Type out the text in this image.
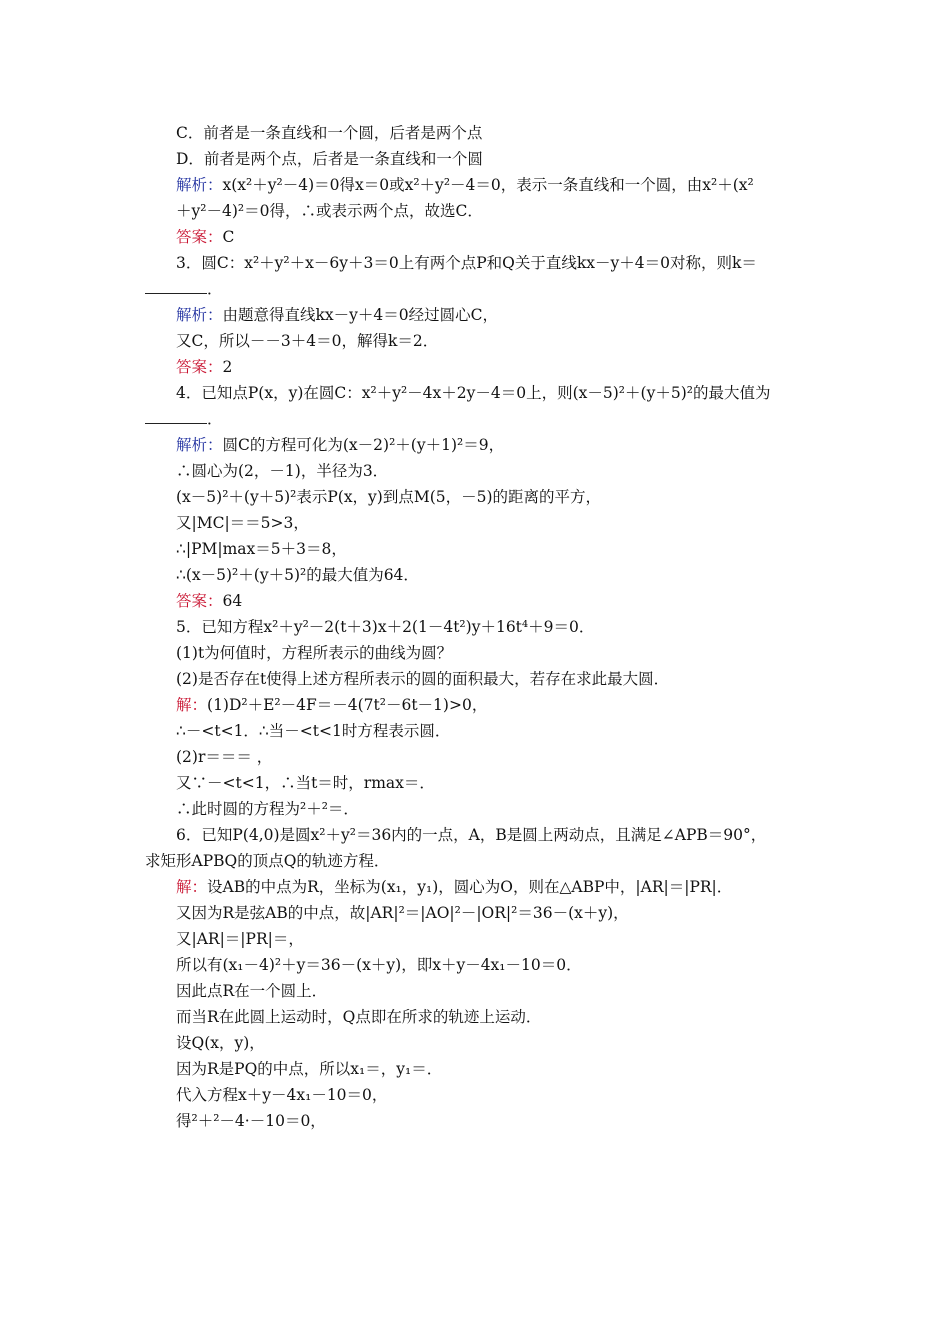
C．前者是一条直线和一个圆，后者是两个点
D．前者是两个点，后者是一条直线和一个圆
解析：x(x²＋y²－4)＝0得x＝0或x²＋y²－4＝0，表示一条直线和一个圆，由x²＋(x²
＋y²－4)²＝0得，∴或表示两个点，故选C．
答案：C
3．圆C：x²＋y²＋x－6y＋3＝0上有两个点P和Q关于直线kx－y＋4＝0对称，则k＝
．
解析：由题意得直线kx－y＋4＝0经过圆心C，
又C，所以－－3＋4＝0，解得k＝2．
答案：2
4．已知点P(x，y)在圆C：x²＋y²－4x＋2y－4＝0上，则(x－5)²＋(y＋5)²的最大值为
．
解析：圆C的方程可化为(x－2)²＋(y＋1)²＝9，
∴圆心为(2，－1)，半径为3．
(x－5)²＋(y＋5)²表示P(x，y)到点M(5，－5)的距离的平方，
又|MC|＝＝5>3，
∴|PM|max＝5＋3＝8，
∴(x－5)²＋(y＋5)²的最大值为64．
答案：64
5．已知方程x²＋y²－2(t＋3)x＋2(1－4t²)y＋16t⁴＋9＝0．
(1)t为何值时，方程所表示的曲线为圆？
(2)是否存在t使得上述方程所表示的圆的面积最大，若存在求此最大圆．
解：(1)D²＋E²－4F＝－4(7t²－6t－1)>0，
∴－<t<1．∴当－<t<1时方程表示圆．
(2)r＝＝＝ ，
又∵－<t<1，∴当t＝时，rmax＝．
∴此时圆的方程为²＋²＝．
6．已知P(4,0)是圆x²＋y²＝36内的一点，A，B是圆上两动点，且满足∠APB＝90°，
求矩形APBQ的顶点Q的轨迹方程．
解：设AB的中点为R，坐标为(x₁，y₁)，圆心为O，则在△ABP中，|AR|＝|PR|．
又因为R是弦AB的中点，故|AR|²＝|AO|²－|OR|²＝36－(x＋y)，
又|AR|＝|PR|＝，
所以有(x₁－4)²＋y＝36－(x＋y)，即x＋y－4x₁－10＝0．
因此点R在一个圆上．
而当R在此圆上运动时，Q点即在所求的轨迹上运动．
设Q(x，y)，
因为R是PQ的中点，所以x₁＝，y₁＝．
代入方程x＋y－4x₁－10＝0，
得²＋²－4·－10＝0，
